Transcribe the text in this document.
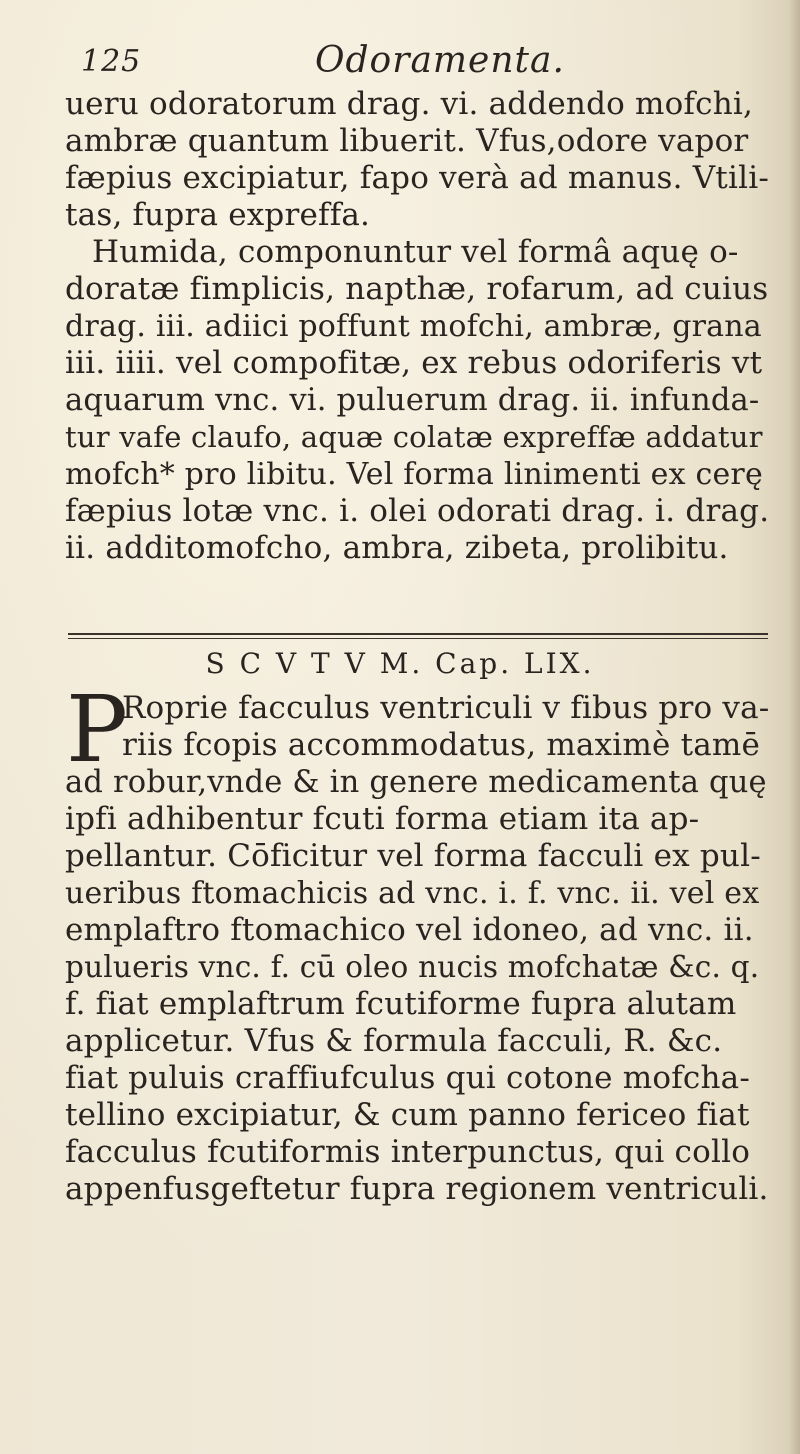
125	Odoramenta.
ueru odoratorum drag. vi. addendo mofchi,
ambræ quantum libuerit. Vfus,odore vapor
fæpius excipiatur, fapo verà ad manus. Vtili-
tas, fupra expreffa.
Humida, componuntur vel formâ aquę o-
doratæ fimplicis, napthæ, rofarum, ad cuius
drag. iii. adiici poffunt mofchi, ambræ, grana
iii. iiii. vel compofitæ, ex rebus odoriferis vt
aquarum vnc. vi. puluerum drag. ii. infunda-
tur vafe claufo, aquæ colatæ expreffæ addatur
mofch* pro libitu. Vel forma linimenti ex cerę
fæpius lotæ vnc. i. olei odorati drag. i. drag.
ii. additomofcho, ambra, zibeta, prolibitu.
S C V T V M. Cap. LIX.
P
Roprie facculus ventriculi v fibus pro va-
riis fcopis accommodatus, maximè tamē
ad robur,vnde & in genere medicamenta quę
ipfi adhibentur fcuti forma etiam ita ap-
pellantur. Cōficitur vel forma facculi ex pul-
ueribus ftomachicis ad vnc. i. f. vnc. ii. vel ex
emplaftro ftomachico vel idoneo, ad vnc. ii.
pulueris vnc. f. cū oleo nucis mofchatæ &c. q.
f. fiat emplaftrum fcutiforme fupra alutam
applicetur. Vfus & formula facculi, R. &c.
fiat puluis craffiufculus qui cotone mofcha-
tellino excipiatur, & cum panno fericeo fiat
facculus fcutiformis interpunctus, qui collo
appenfusgeftetur fupra regionem ventriculi.
